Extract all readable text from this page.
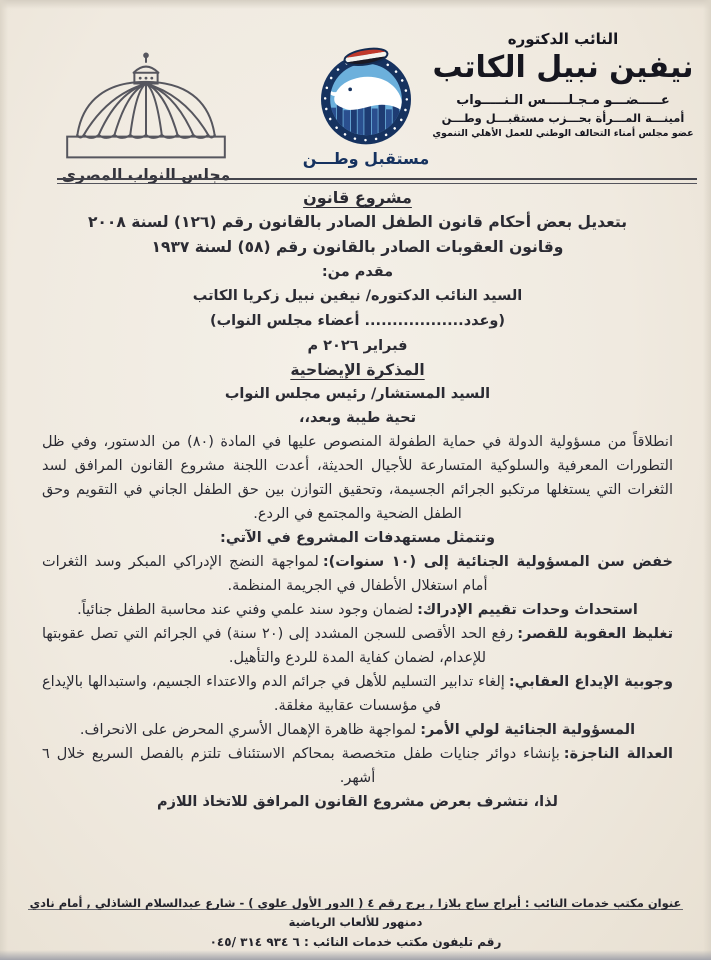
مجلس النواب المصري
مستقبل وطـــن
النائب الدكتوره
نيفين نبيل الكاتب
عـــــضـــو مـجـلـــــس الـنـــــواب
أمينـــة المـــرأة بحـــزب مستقبـــل وطـــن
عضو مجلس أمناء التحالف الوطني للعمل الأهلي التنموي
مشروع قانون

بتعديل بعض أحكام قانون الطفل الصادر بالقانون رقم (١٢٦) لسنة ٢٠٠٨

وقانون العقوبات الصادر بالقانون رقم (٥٨) لسنة ١٩٣٧

مقدم من:

السيد النائب الدكتوره/ نيفين نبيل زكريا الكاتب

(وعدد.................. أعضاء مجلس النواب)

فبراير ٢٠٢٦ م

المذكرة الإيضاحية

السيد المستشار/ رئيس مجلس النواب

تحية طيبة وبعد،،

انطلاقاً من مسؤولية الدولة في حماية الطفولة المنصوص عليها في المادة (٨٠) من الدستور، وفي ظل التطورات المعرفية والسلوكية المتسارعة للأجيال الحديثة، أعدت اللجنة مشروع القانون المرافق لسد الثغرات التي يستغلها مرتكبو الجرائم الجسيمة، وتحقيق التوازن بين حق الطفل الجاني في التقويم وحق الطفل الضحية والمجتمع في الردع.

وتتمثل مستهدفات المشروع في الآتي:

خفض سن المسؤولية الجنائية إلى (١٠ سنوات):لمواجهة النضج الإدراكي المبكر وسد الثغرات أمام استغلال الأطفال في الجريمة المنظمة.

استحداث وحدات تقييم الإدراك:لضمان وجود سند علمي وفني عند محاسبة الطفل جنائياً.

تغليظ العقوبة للقصر:رفع الحد الأقصى للسجن المشدد إلى (٢٠ سنة) في الجرائم التي تصل عقوبتها للإعدام، لضمان كفاية المدة للردع والتأهيل.

وجوبية الإيداع العقابي:إلغاء تدابير التسليم للأهل في جرائم الدم والاعتداء الجسيم، واستبدالها بالإيداع في مؤسسات عقابية مغلقة.

المسؤولية الجنائية لولي الأمر:لمواجهة ظاهرة الإهمال الأسري المحرض على الانحراف.

العدالة الناجزة:بإنشاء دوائر جنايات طفل متخصصة بمحاكم الاستئناف تلتزم بالفصل السريع خلال ٦ أشهر.

لذا، نتشرف بعرض مشروع القانون المرافق للاتخاذ اللازم

عنوان مكتب خدمات النائب : أبراج ساج بلازا , برج رقم ٤ ( الدور الأول علوي ) - شارع عبدالسلام الشاذلي , أمام نادي دمنهور للألعاب الرياضية

رقم تليفون مكتب خدمات النائب : ٦ ٩٣٤ ٣١٤ /٠٤٥
